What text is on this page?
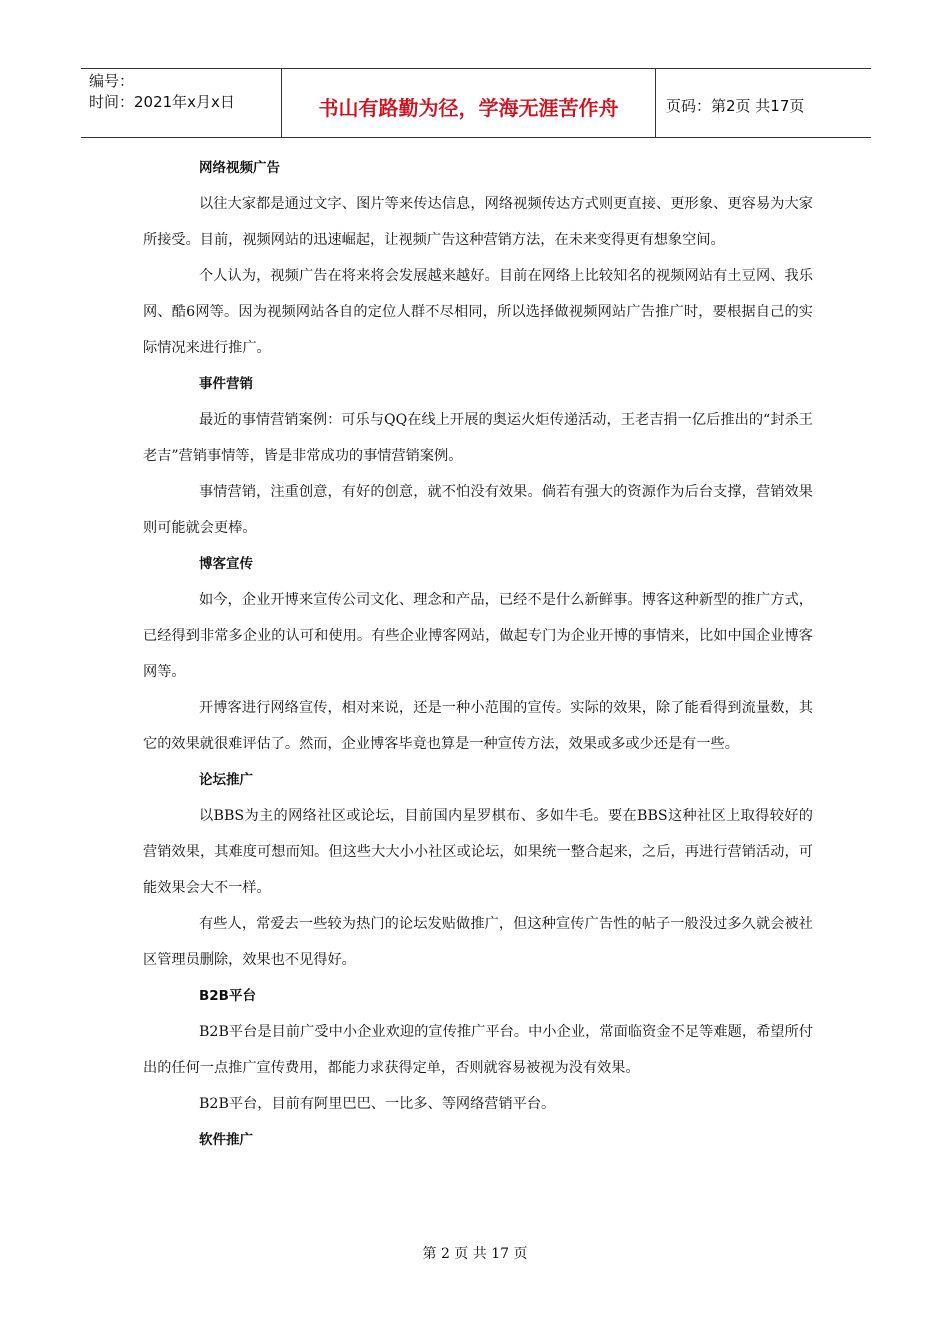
编号：
时间：2021年x月x日	书山有路勤为径，学海无涯苦作舟	页码：第2页 共17页
网络视频广告

以往大家都是通过文字、图片等来传达信息，网络视频传达方式则更直接、更形象、更容易为大家所接受。目前，视频网站的迅速崛起，让视频广告这种营销方法，在未来变得更有想象空间。

个人认为，视频广告在将来将会发展越来越好。目前在网络上比较知名的视频网站有土豆网、我乐网、酷6网等。因为视频网站各自的定位人群不尽相同，所以选择做视频网站广告推广时，要根据自己的实际情况来进行推广。

事件营销

最近的事情营销案例：可乐与QQ在线上开展的奥运火炬传递活动，王老吉捐一亿后推出的“封杀王老吉”营销事情等，皆是非常成功的事情营销案例。

事情营销，注重创意，有好的创意，就不怕没有效果。倘若有强大的资源作为后台支撑，营销效果则可能就会更棒。

博客宣传

如今，企业开博来宣传公司文化、理念和产品，已经不是什么新鲜事。博客这种新型的推广方式，已经得到非常多企业的认可和使用。有些企业博客网站，做起专门为企业开博的事情来，比如中国企业博客网等。

开博客进行网络宣传，相对来说，还是一种小范围的宣传。实际的效果，除了能看得到流量数，其它的效果就很难评估了。然而，企业博客毕竟也算是一种宣传方法，效果或多或少还是有一些。

论坛推广

以BBS为主的网络社区或论坛，目前国内星罗棋布、多如牛毛。要在BBS这种社区上取得较好的营销效果，其难度可想而知。但这些大大小小社区或论坛，如果统一整合起来，之后，再进行营销活动，可能效果会大不一样。

有些人，常爱去一些较为热门的论坛发贴做推广，但这种宣传广告性的帖子一般没过多久就会被社区管理员删除，效果也不见得好。

B2B平台

B2B平台是目前广受中小企业欢迎的宣传推广平台。中小企业，常面临资金不足等难题，希望所付出的任何一点推广宣传费用，都能力求获得定单，否则就容易被视为没有效果。

B2B平台，目前有阿里巴巴、一比多、等网络营销平台。

软件推广
第 2 页 共 17 页
